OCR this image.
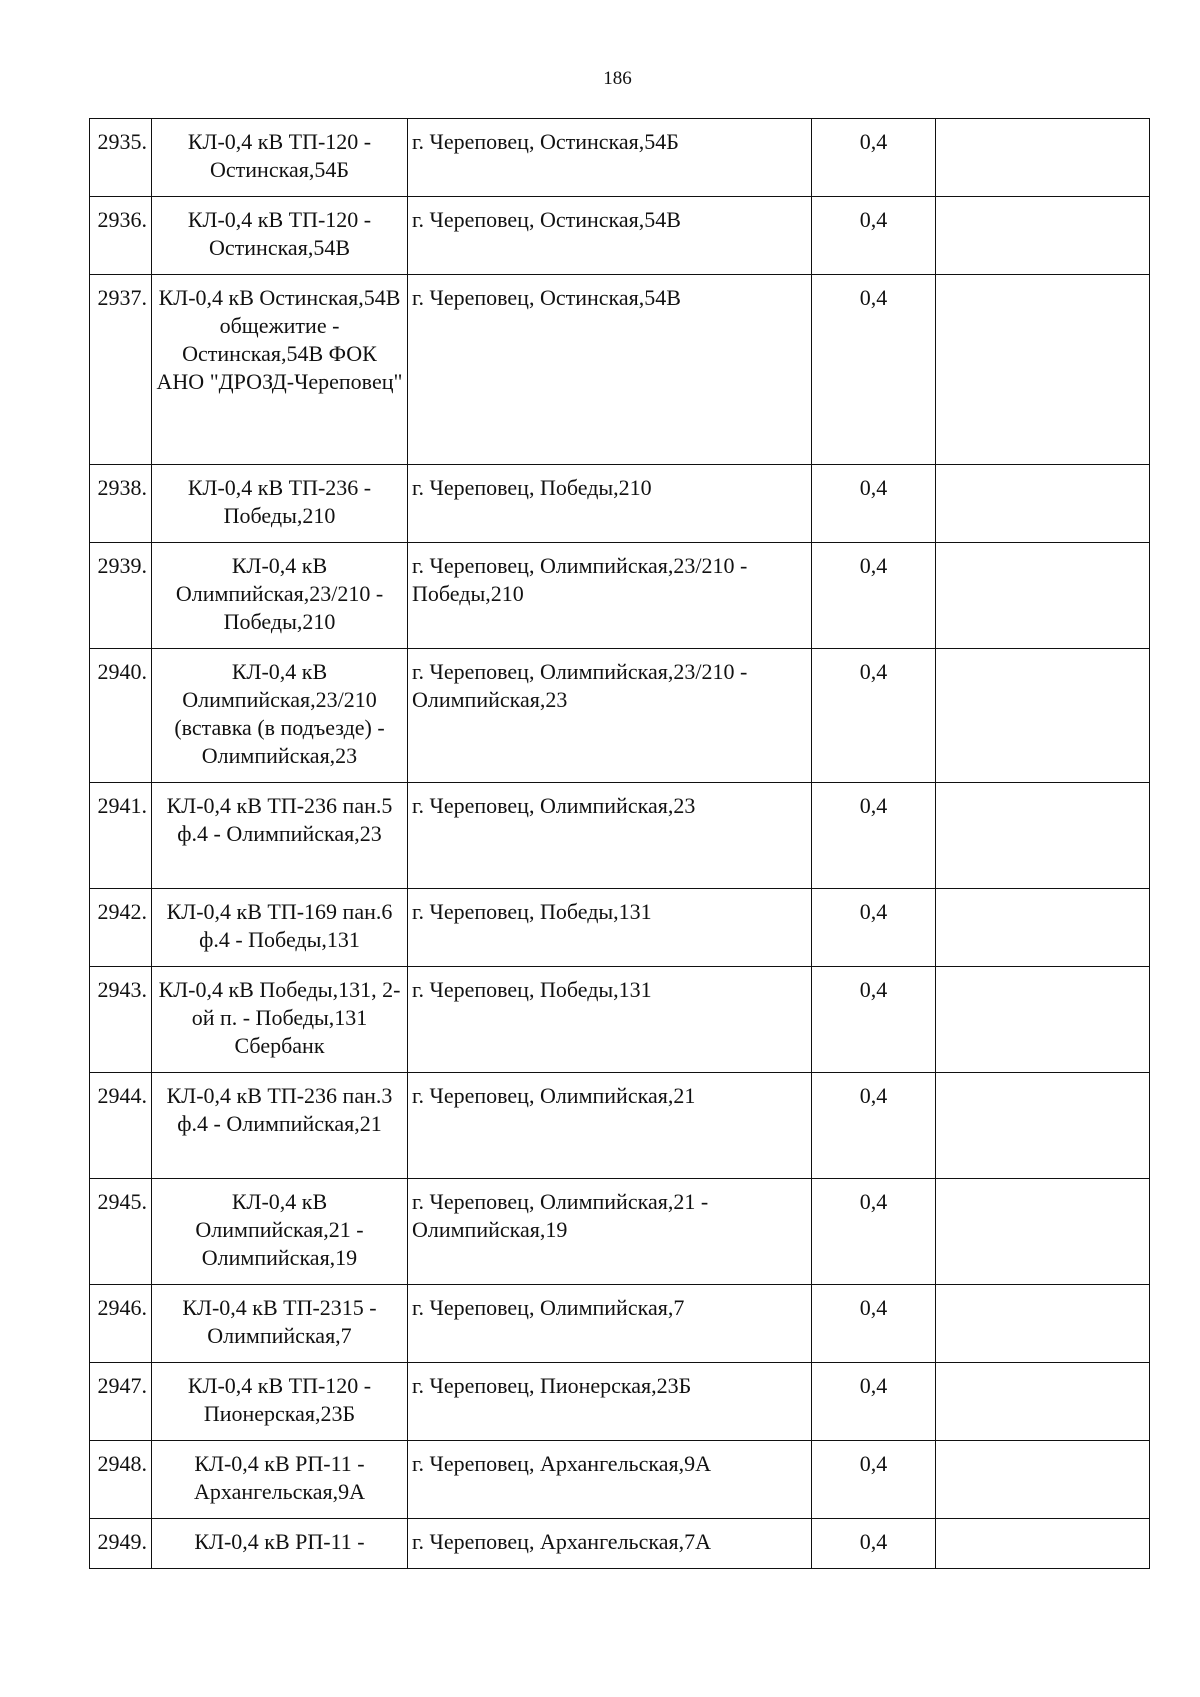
186
2935.	КЛ-0,4 кВ ТП-120 - Остинская,54Б	г. Череповец, Остинская,54Б	0,4	
2936.	КЛ-0,4 кВ ТП-120 - Остинская,54В	г. Череповец, Остинская,54В	0,4	
2937.	КЛ-0,4 кВ Остинская,54В общежитие - Остинская,54В ФОК АНО "ДРОЗД-Череповец"	г. Череповец, Остинская,54В	0,4	
2938.	КЛ-0,4 кВ ТП-236 - Победы,210	г. Череповец, Победы,210	0,4	
2939.	КЛ-0,4 кВ Олимпийская,23/210 - Победы,210	г. Череповец, Олимпийская,23/210 - Победы,210	0,4	
2940.	КЛ-0,4 кВ Олимпийская,23/210 (вставка (в подъезде) - Олимпийская,23	г. Череповец, Олимпийская,23/210 - Олимпийская,23	0,4	
2941.	КЛ-0,4 кВ ТП-236 пан.5 ф.4 - Олимпийская,23	г. Череповец, Олимпийская,23	0,4	
2942.	КЛ-0,4 кВ ТП-169 пан.6 ф.4 - Победы,131	г. Череповец, Победы,131	0,4	
2943.	КЛ-0,4 кВ Победы,131, 2-ой п. - Победы,131 Сбербанк	г. Череповец, Победы,131	0,4	
2944.	КЛ-0,4 кВ ТП-236 пан.3 ф.4 - Олимпийская,21	г. Череповец, Олимпийская,21	0,4	
2945.	КЛ-0,4 кВ Олимпийская,21 - Олимпийская,19	г. Череповец, Олимпийская,21 - Олимпийская,19	0,4	
2946.	КЛ-0,4 кВ ТП-2315 - Олимпийская,7	г. Череповец, Олимпийская,7	0,4	
2947.	КЛ-0,4 кВ ТП-120 - Пионерская,23Б	г. Череповец, Пионерская,23Б	0,4	
2948.	КЛ-0,4 кВ РП-11 - Архангельская,9А	г. Череповец, Архангельская,9А	0,4	
2949.	КЛ-0,4 кВ РП-11 -	г. Череповец, Архангельская,7А	0,4	
